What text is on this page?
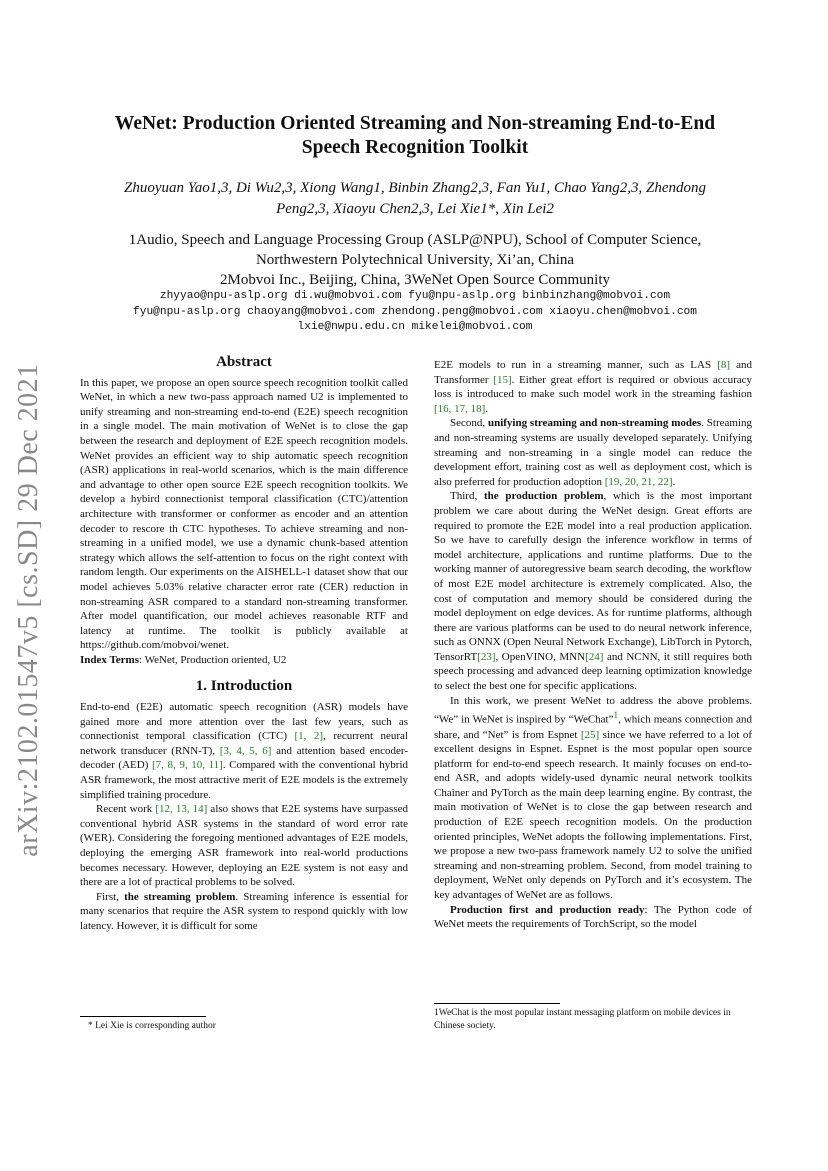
arXiv:2102.01547v5 [cs.SD] 29 Dec 2021
WeNet: Production Oriented Streaming and Non-streaming End-to-End
Speech Recognition Toolkit
Zhuoyuan Yao1,3, Di Wu2,3, Xiong Wang1, Binbin Zhang2,3, Fan Yu1, Chao Yang2,3, Zhendong
Peng2,3, Xiaoyu Chen2,3, Lei Xie1*, Xin Lei2
1Audio, Speech and Language Processing Group (ASLP@NPU), School of Computer Science,
Northwestern Polytechnical University, Xi’an, China
2Mobvoi Inc., Beijing, China, 3WeNet Open Source Community
zhyyao@npu-aslp.org di.wu@mobvoi.com fyu@npu-aslp.org binbinzhang@mobvoi.com
fyu@npu-aslp.org chaoyang@mobvoi.com zhendong.peng@mobvoi.com xiaoyu.chen@mobvoi.com
lxie@nwpu.edu.cn mikelei@mobvoi.com
Abstract

In this paper, we propose an open source speech recognition toolkit called WeNet, in which a new two-pass approach named U2 is implemented to unify streaming and non-streaming end-to-end (E2E) speech recognition in a single model. The main motivation of WeNet is to close the gap between the research and deployment of E2E speech recognition models. WeNet provides an efficient way to ship automatic speech recognition (ASR) applications in real-world scenarios, which is the main difference and advantage to other open source E2E speech recognition toolkits. We develop a hybird connectionist temporal classification (CTC)/attention architecture with transformer or conformer as encoder and an attention decoder to rescore th CTC hypotheses. To achieve streaming and non-streaming in a unified model, we use a dynamic chunk-based attention strategy which allows the self-attention to focus on the right context with random length. Our experiments on the AISHELL-1 dataset show that our model achieves 5.03% relative character error rate (CER) reduction in non-streaming ASR compared to a standard non-streaming transformer. After model quantification, our model achieves reasonable RTF and latency at runtime. The toolkit is publicly available at https://github.com/mobvoi/wenet.

Index Terms: WeNet, Production oriented, U2

1. Introduction

End-to-end (E2E) automatic speech recognition (ASR) models have gained more and more attention over the last few years, such as connectionist temporal classification (CTC) [1, 2], recurrent neural network transducer (RNN-T), [3, 4, 5, 6] and attention based encoder-decoder (AED) [7, 8, 9, 10, 11]. Compared with the conventional hybrid ASR framework, the most attractive merit of E2E models is the extremely simplified training procedure.

Recent work [12, 13, 14] also shows that E2E systems have surpassed conventional hybrid ASR systems in the standard of word error rate (WER). Considering the foregoing mentioned advantages of E2E models, deploying the emerging ASR framework into real-world productions becomes necessary. However, deploying an E2E system is not easy and there are a lot of practical problems to be solved.

First, the streaming problem. Streaming inference is essential for many scenarios that require the ASR system to respond quickly with low latency. However, it is difficult for some

* Lei Xie is corresponding author

E2E models to run in a streaming manner, such as LAS [8] and Transformer [15]. Either great effort is required or obvious accuracy loss is introduced to make such model work in the streaming fashion [16, 17, 18].

Second, unifying streaming and non-streaming modes. Streaming and non-streaming systems are usually developed separately. Unifying streaming and non-streaming in a single model can reduce the development effort, training cost as well as deployment cost, which is also preferred for production adoption [19, 20, 21, 22].

Third, the production problem, which is the most important problem we care about during the WeNet design. Great efforts are required to promote the E2E model into a real production application. So we have to carefully design the inference workflow in terms of model architecture, applications and runtime platforms. Due to the working manner of autoregressive beam search decoding, the workflow of most E2E model architecture is extremely complicated. Also, the cost of computation and memory should be considered during the model deployment on edge devices. As for runtime platforms, although there are various platforms can be used to do neural network inference, such as ONNX (Open Neural Network Exchange), LibTorch in Pytorch, TensorRT[23], OpenVINO, MNN[24] and NCNN, it still requires both speech processing and advanced deep learning optimization knowledge to select the best one for specific applications.

In this work, we present WeNet to address the above problems. “We” in WeNet is inspired by “WeChat”$^1$, which means connection and share, and “Net” is from Espnet [25] since we have referred to a lot of excellent designs in Espnet. Espnet is the most popular open source platform for end-to-end speech research. It mainly focuses on end-to-end ASR, and adopts widely-used dynamic neural network toolkits Chainer and PyTorch as the main deep learning engine. By contrast, the main motivation of WeNet is to close the gap between research and production of E2E speech recognition models. On the production oriented principles, WeNet adopts the following implementations. First, we propose a new two-pass framework namely U2 to solve the unified streaming and non-streaming problem. Second, from model training to deployment, WeNet only depends on PyTorch and it’s ecosystem. The key advantages of WeNet are as follows.

Production first and production ready: The Python code of WeNet meets the requirements of TorchScript, so the model

1WeChat is the most popular instant messaging platform on mobile devices in Chinese society.
